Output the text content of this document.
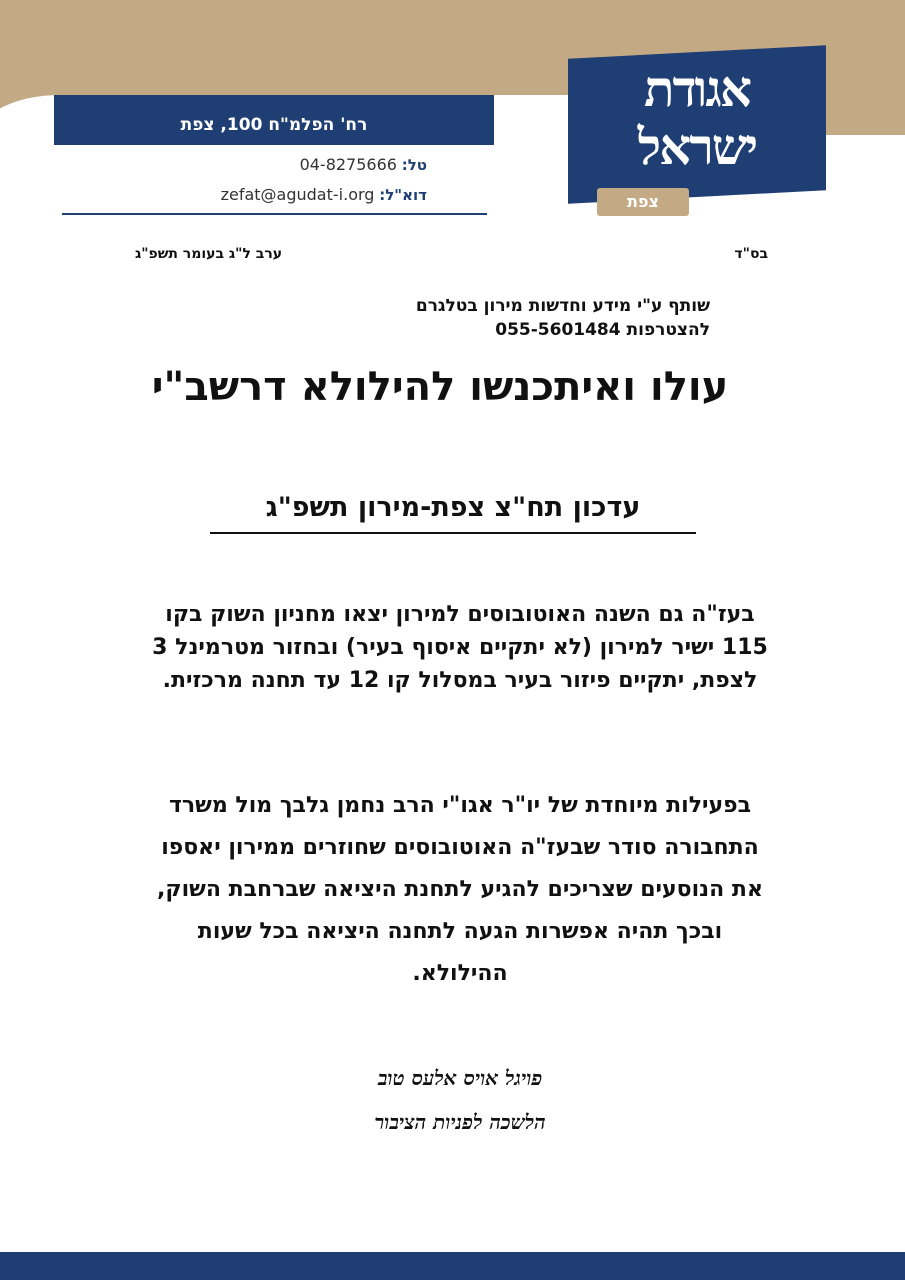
אגודת ישראל
צפת
רח' הפלמ"ח 100, צפת
טל: 04-8275666
דוא"ל: zefat@agudat-i.org
בס"ד
ערב ל"ג בעומר תשפ"ג
שותף ע"י מידע וחדשות מירון בטלגרם
להצטרפות 055-5601484
עולו ואיתכנשו להילולא דרשב"י
עדכון תח"צ צפת-מירון תשפ"ג
בעז"ה גם השנה האוטובוסים למירון יצאו מחניון השוק בקו 115 ישיר למירון (לא יתקיים איסוף בעיר) ובחזור מטרמינל 3 לצפת, יתקיים פיזור בעיר במסלול קו 12 עד תחנה מרכזית.
בפעילות מיוחדת של יו"ר אגו"י הרב נחמן גלבך מול משרד התחבורה סודר שבעז"ה האוטובוסים שחוזרים ממירון יאספו את הנוסעים שצריכים להגיע לתחנת היציאה שברחבת השוק, ובכך תהיה אפשרות הגעה לתחנה היציאה בכל שעות ההילולא.
פויגל אויס אלעס טוב
הלשכה לפניות הציבור
